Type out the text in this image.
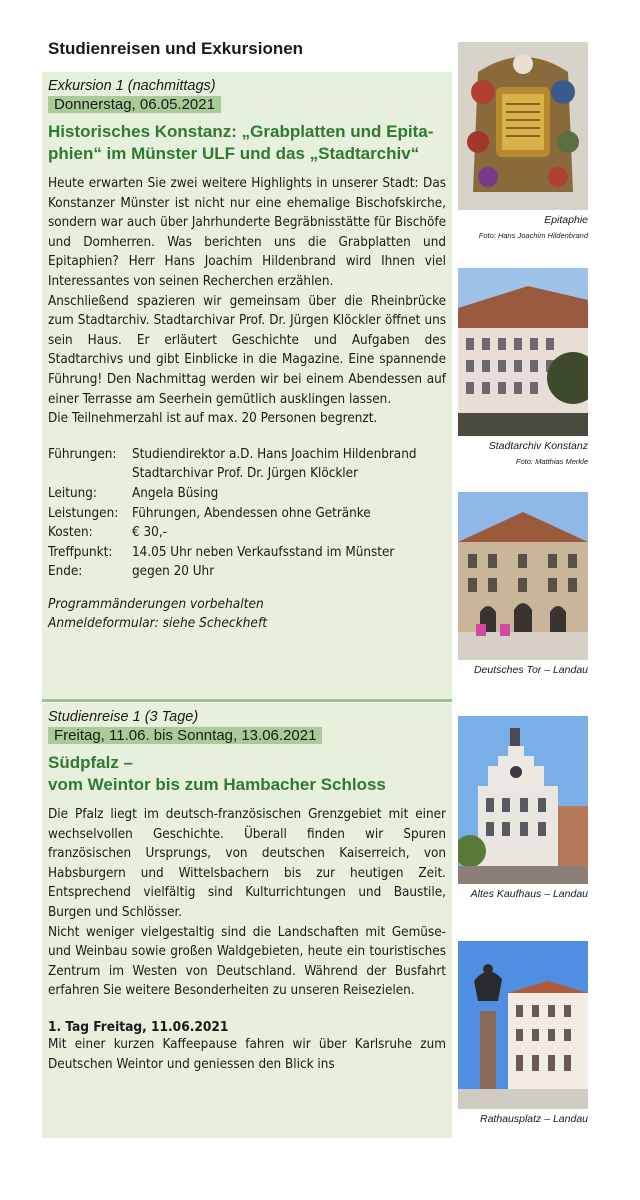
Studienreisen und Exkursionen
Exkursion 1 (nachmittags)
Donnerstag, 06.05.2021
Historisches Konstanz: „Grabplatten und Epita-
phien“ im Münster ULF und das „Stadtarchiv“

Heute erwarten Sie zwei weitere Highlights in unserer Stadt: Das Konstanzer Münster ist nicht nur eine ehemalige Bischofskirche, sondern war auch über Jahrhunderte Begräbnisstätte für Bischöfe und Domherren. Was berichten uns die Grabplatten und Epitaphien? Herr Hans Joachim Hildenbrand wird Ihnen viel Interessantes von seinen Recherchen erzählen.

Anschließend spazieren wir gemeinsam über die Rheinbrücke zum Stadtarchiv. Stadtarchivar Prof. Dr. Jürgen Klöckler öffnet uns sein Haus. Er erläutert Geschichte und Aufgaben des Stadtarchivs und gibt Einblicke in die Magazine. Eine spannende Führung! Den Nachmittag werden wir bei einem Abendessen auf einer Terrasse am Seerhein gemütlich ausklingen lassen.

Die Teilnehmerzahl ist auf max. 20 Personen begrenzt.

Führungen:	Studiendirektor a.D. Hans Joachim Hildenbrand
Stadtarchivar Prof. Dr. Jürgen Klöckler
Leitung:	Angela Büsing
Leistungen:	Führungen, Abendessen ohne Getränke
Kosten:	€ 30,-
Treffpunkt:	14.05 Uhr neben Verkaufsstand im Münster
Ende:	gegen 20 Uhr
Programmänderungen vorbehalten
Anmeldeformular: siehe Scheckheft
Studienreise 1 (3 Tage)
Freitag, 11.06. bis Sonntag, 13.06.2021
Südpfalz –
vom Weintor bis zum Hambacher Schloss

Die Pfalz liegt im deutsch-französischen Grenzgebiet mit einer wechselvollen Geschichte. Überall finden wir Spuren französischen Ursprungs, von deutschen Kaiserreich, von Habsburgern und Wittelsbachern bis zur heutigen Zeit. Entsprechend vielfältig sind Kulturrichtungen und Baustile, Burgen und Schlösser.

Nicht weniger vielgestaltig sind die Landschaften mit Gemüse- und Weinbau sowie großen Waldgebieten, heute ein touristisches Zentrum im Westen von Deutschland. Während der Busfahrt erfahren Sie weitere Besonderheiten zu unseren Reisezielen.

1. Tag Freitag, 11.06.2021
Mit einer kurzen Kaffeepause fahren wir über Karlsruhe zum Deutschen Weintor und geniessen den Blick ins
Epitaphie
Foto: Hans Joachim Hildenbrand
Stadtarchiv Konstanz
Foto: Matthias Merkle
Deutsches Tor – Landau
Altes Kaufhaus – Landau
Rathausplatz – Landau
